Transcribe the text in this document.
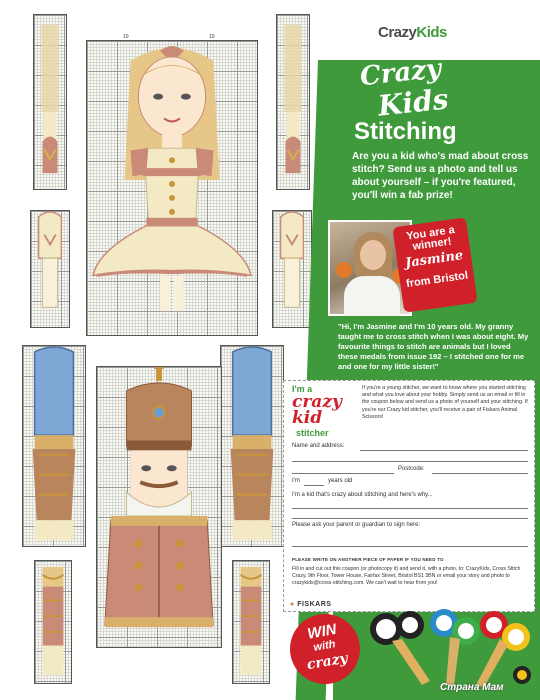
10	10	CrazyKids
Crazy
Kids
Stitching
Are you a kid who's mad about cross stitch? Send us a photo and tell us about yourself – if you're featured, you'll win a fab prize!
You are a winner!
Jasmine
from Bristol
"Hi, I'm Jasmine and I'm 10 years old. My granny taught me to cross stitch when I was about eight. My favourite things to stitch are animals but I loved these medals from issue 192 – I stitched one for me and one for my little sister!"
I'm a
crazy
kid
stitcher
If you're a young stitcher, we want to know where you started stitching and what you love about your hobby. Simply send us an email or fill in the coupon below and send us a photo of yourself and your stitching. If you're our Crazy kid stitcher, you'll receive a pair of Fiskars Animal Scissors!
Name and address:
Postcode:
I'm	years old
I'm a kid that's crazy about stitching and here's why...
Please ask your parent or guardian to sign here:
PLEASE WRITE ON ANOTHER PIECE OF PAPER IF YOU NEED TO
Fill in and cut out this coupon (or photocopy it) and send it, with a photo, to: CrazyKids, Cross Stitch Crazy, 9th Floor, Tower House, Fairfax Street, Bristol BS1 3BN or email your story and photo to crazykids@cross-stitching.com. We can't wait to hear from you!
● FISKARS
WIN
with
crazy
Страна Мам
